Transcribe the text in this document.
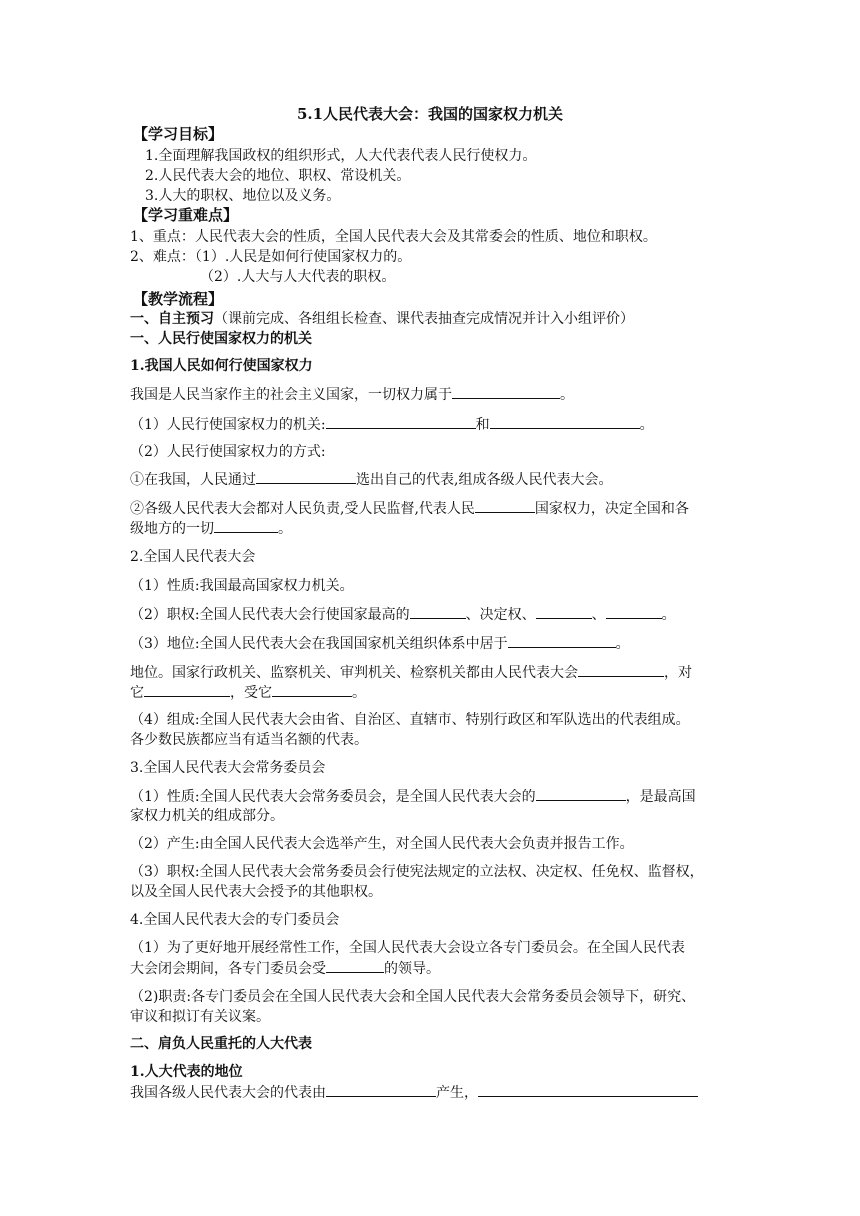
5.1人民代表大会：我国的国家权力机关
【学习目标】
1.全面理解我国政权的组织形式，人大代表代表人民行使权力。
2.人民代表大会的地位、职权、常设机关。
3.人大的职权、地位以及义务。
【学习重难点】
1、重点：人民代表大会的性质，全国人民代表大会及其常委会的性质、地位和职权。
2、难点：（1）.人民是如何行使国家权力的。
（2）.人大与人大代表的职权。
【教学流程】
一、自主预习（课前完成、各组组长检查、课代表抽查完成情况并计入小组评价）
一、人民行使国家权力的机关
1.我国人民如何行使国家权力
我国是人民当家作主的社会主义国家，一切权力属于	。
（1）人民行使国家权力的机关:	和	。
（2）人民行使国家权力的方式:
①在我国，人民通过	选出自己的代表,组成各级人民代表大会。
②各级人民代表大会都对人民负责,受人民监督,代表人民	国家权力，决定全国和各
级地方的一切	。
2.全国人民代表大会
（1）性质:我国最高国家权力机关。
（2）职权:全国人民代表大会行使国家最高的	、决定权、	、	。
（3）地位:全国人民代表大会在我国国家机关组织体系中居于	。
地位。国家行政机关、监察机关、审判机关、检察机关都由人民代表大会	，对
它	，受它	。
（4）组成:全国人民代表大会由省、自治区、直辖市、特别行政区和军队选出的代表组成。
各少数民族都应当有适当名额的代表。
3.全国人民代表大会常务委员会
（1）性质:全国人民代表大会常务委员会，是全国人民代表大会的	，是最高国
家权力机关的组成部分。
（2）产生:由全国人民代表大会选举产生，对全国人民代表大会负责并报告工作。
（3）职权:全国人民代表大会常务委员会行使宪法规定的立法权、决定权、任免权、监督权，
以及全国人民代表大会授予的其他职权。
4.全国人民代表大会的专门委员会
（1）为了更好地开展经常性工作，全国人民代表大会设立各专门委员会。在全国人民代表
大会闭会期间，各专门委员会受	的领导。
（2)职责:各专门委员会在全国人民代表大会和全国人民代表大会常务委员会领导下，研究、
审议和拟订有关议案。
二、肩负人民重托的人大代表
1.人大代表的地位
我国各级人民代表大会的代表由	产生，
